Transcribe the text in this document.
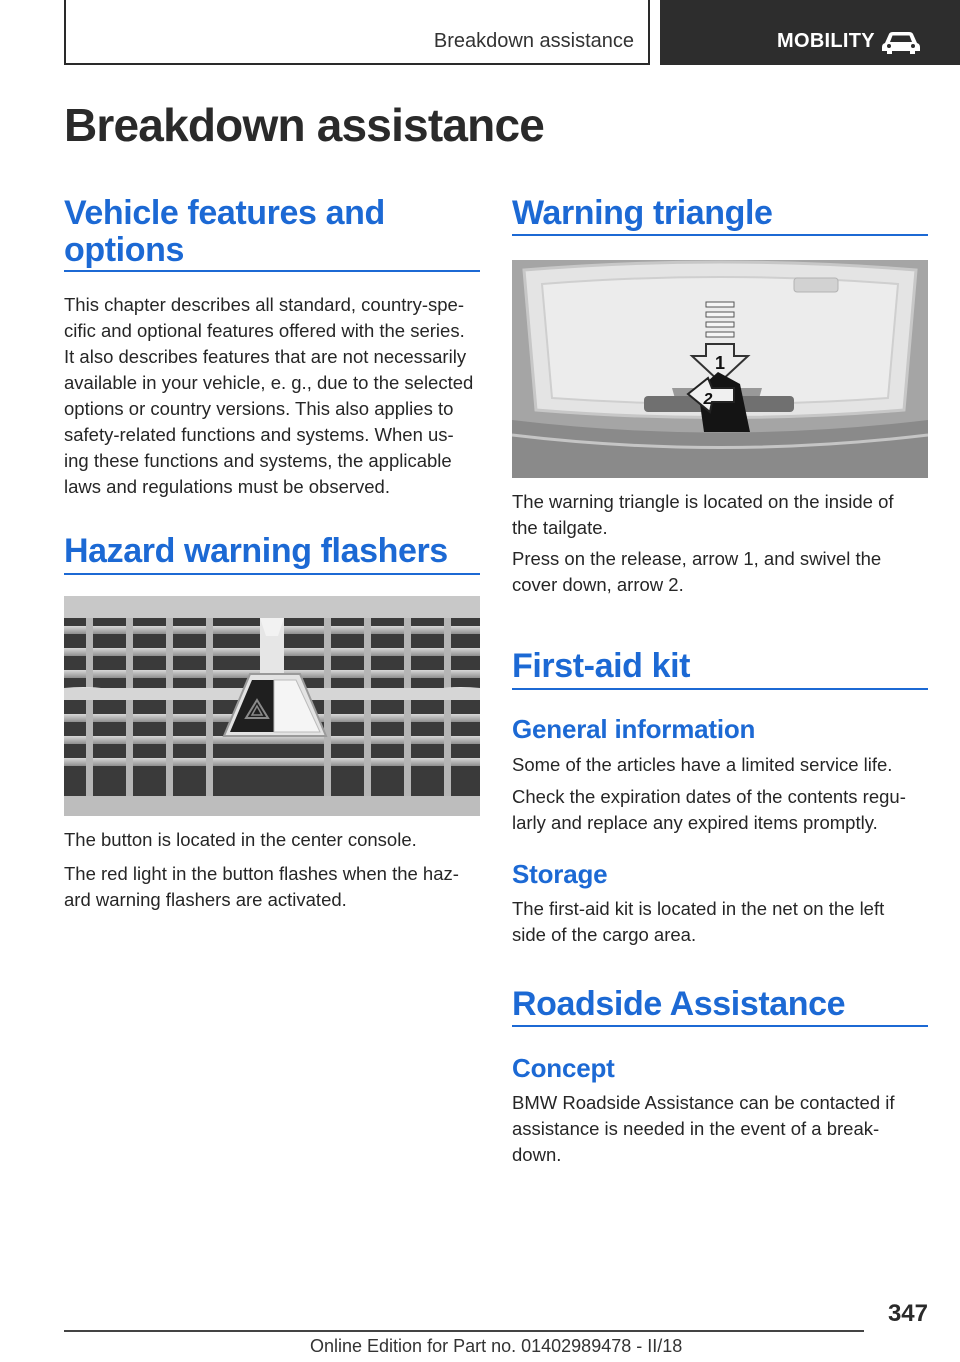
Breakdown assistance	MOBILITY
Breakdown assistance
Vehicle features and
options
This chapter describes all standard, country-spe‐
cific and optional features offered with the series.
It also describes features that are not necessarily
available in your vehicle, e. g., due to the selected
options or country versions. This also applies to
safety-related functions and systems. When us‐
ing these functions and systems, the applicable
laws and regulations must be observed.
Hazard warning flashers
The button is located in the center console.
The red light in the button flashes when the haz‐
ard warning flashers are activated.
Warning triangle
1
2
The warning triangle is located on the inside of
the tailgate.
Press on the release, arrow 1, and swivel the
cover down, arrow 2.
First-aid kit
General information
Some of the articles have a limited service life.
Check the expiration dates of the contents regu‐
larly and replace any expired items promptly.
Storage
The first-aid kit is located in the net on the left
side of the cargo area.
Roadside Assistance
Concept
BMW Roadside Assistance can be contacted if
assistance is needed in the event of a break‐
down.
347
Online Edition for Part no. 01402989478 - II/18
